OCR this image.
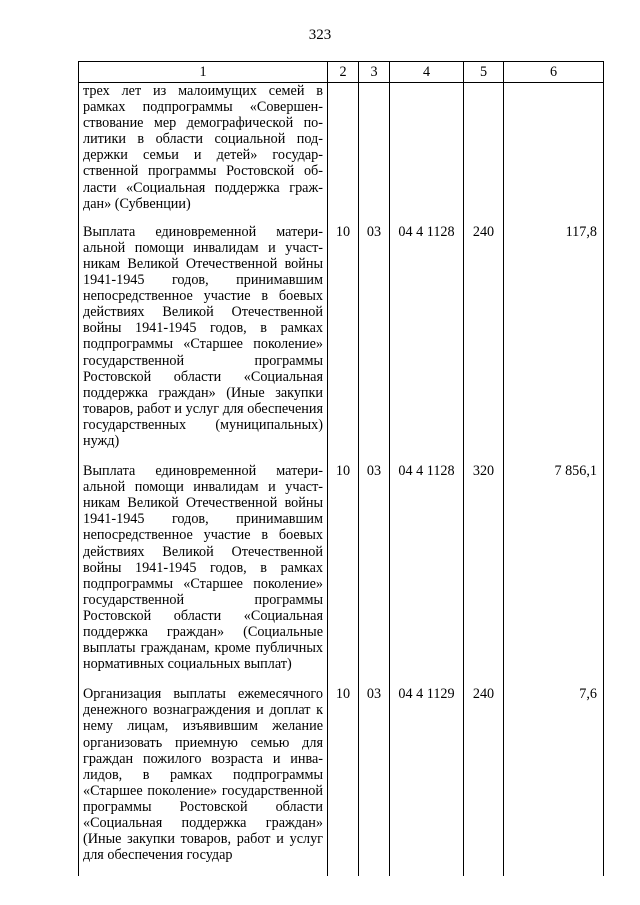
323
1	2	3	4	5	6
трех лет из малоимущих семей в рамках подпрограммы «Совершенствование мер демографической политики в области социальной поддержки семьи и детей» государственной программы Ростовской области «Социальная поддержка граждан» (Субвенции)					
Выплата единовременной материальной помощи инвалидам и участникам Великой Отечественной войны 1941-1945 годов, принимавшим непосредственное участие в боевых действиях Великой Отечественной войны 1941-1945 годов, в рамках подпрограммы «Старшее поколение» государственной программы Ростовской области «Социальная поддержка граждан» (Иные закупки товаров, работ и услуг для обеспечения государственных (муниципальных) нужд)	10	03	04 4 1128	240	117,8
Выплата единовременной материальной помощи инвалидам и участникам Великой Отечественной войны 1941-1945 годов, принимавшим непосредственное участие в боевых действиях Великой Отечественной войны 1941-1945 годов, в рамках подпрограммы «Старшее поколение» государственной программы Ростовской области «Социальная поддержка граждан» (Социальные выплаты гражданам, кроме публичных нормативных социальных выплат)	10	03	04 4 1128	320	7 856,1
Организация выплаты ежемесячного денежного вознаграждения и доплат к нему лицам, изъявившим желание организовать приемную семью для граждан пожилого возраста и инвалидов, в рамках подпрограммы «Старшее поколение» государственной программы Ростовской области «Социальная поддержка граждан» (Иные закупки товаров, работ и услуг для обеспечения государ	10	03	04 4 1129	240	7,6
